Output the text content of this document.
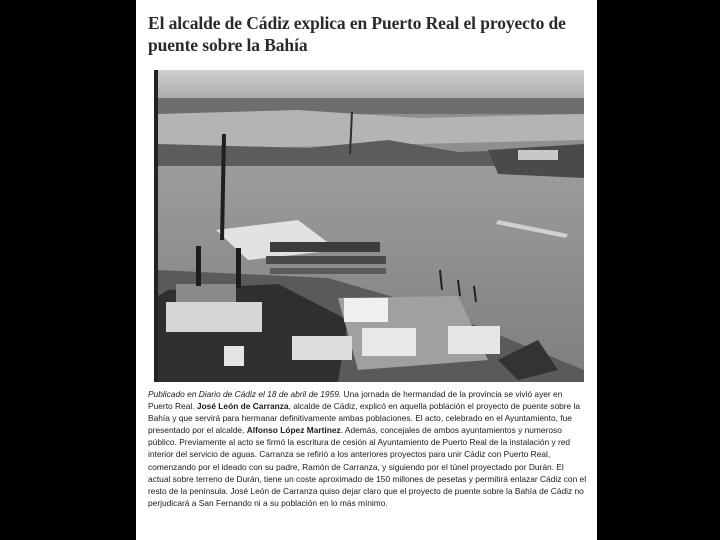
El alcalde de Cádiz explica en Puerto Real el proyecto de puente sobre la Bahía

Publicado en Diario de Cádiz el 18 de abril de 1959. Una jornada de hermandad de la provincia se vivió ayer en Puerto Real. José León de Carranza, alcalde de Cádiz, explicó en aquella población el proyecto de puente sobre la Bahía y que servirá para hermanar definitivamente ambas poblaciones. El acto, celebrado en el Ayuntamiento, fue presentado por el alcalde, Alfonso López Martínez. Además, concejales de ambos ayuntamientos y numeroso público. Previamente al acto se firmó la escritura de cesión al Ayuntamiento de Puerto Real de la instalación y red interior del servicio de aguas. Carranza se refirió a los anteriores proyectos para unir Cádiz con Puerto Real, comenzando por el ideado con su padre, Ramón de Carranza, y siguiendo por el túnel proyectado por Durán. El actual sobre terreno de Durán, tiene un coste aproximado de 150 millones de pesetas y permitirá enlazar Cádiz con el resto de la península. José León de Carranza quiso dejar claro que el proyecto de puente sobre la Bahía de Cádiz no perjudicará a San Fernando ni a su población en lo más mínimo.
